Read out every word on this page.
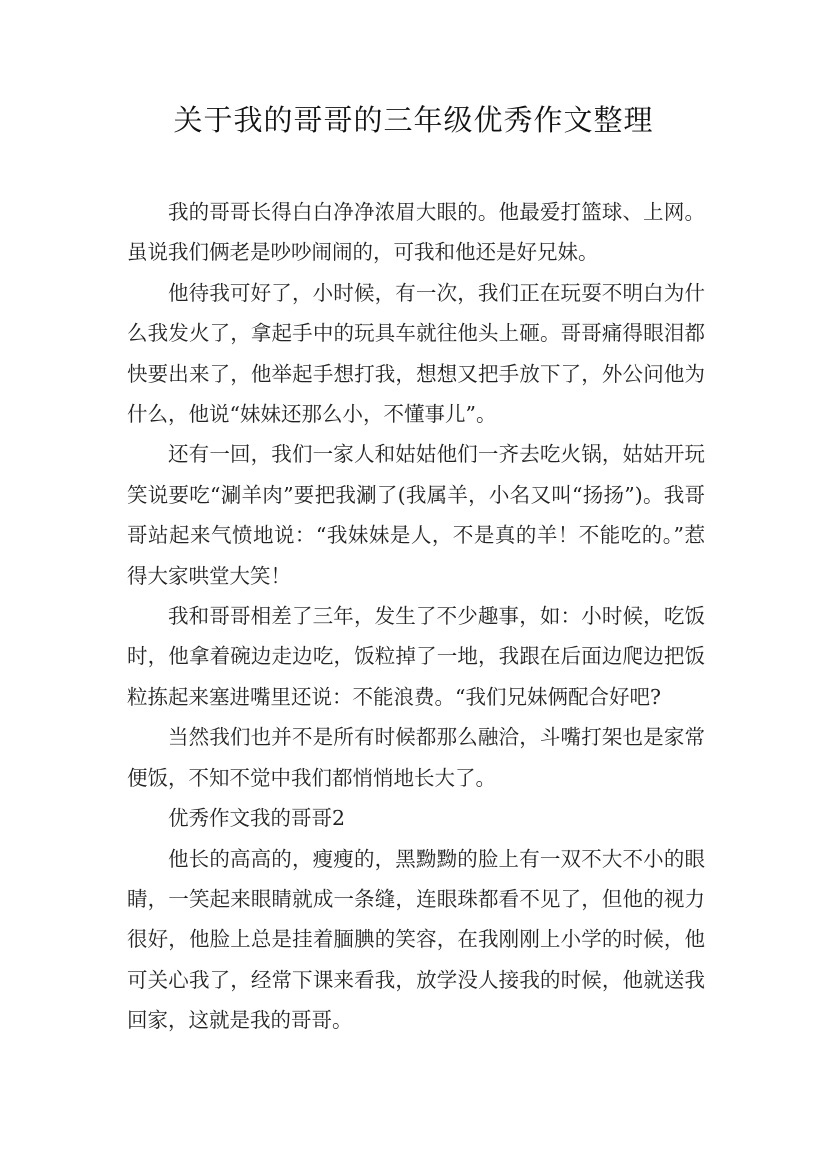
关于我的哥哥的三年级优秀作文整理

我的哥哥长得白白净净浓眉大眼的。他最爱打篮球、上网。虽说我们俩老是吵吵闹闹的，可我和他还是好兄妹。

他待我可好了，小时候，有一次，我们正在玩耍不明白为什么我发火了，拿起手中的玩具车就往他头上砸。哥哥痛得眼泪都快要出来了，他举起手想打我，想想又把手放下了，外公问他为什么，他说“妹妹还那么小，不懂事儿”。

还有一回，我们一家人和姑姑他们一齐去吃火锅，姑姑开玩笑说要吃“涮羊肉”要把我涮了(我属羊，小名又叫“扬扬”)。我哥哥站起来气愤地说：“我妹妹是人，不是真的羊！不能吃的。”惹得大家哄堂大笑！

我和哥哥相差了三年，发生了不少趣事，如：小时候，吃饭时，他拿着碗边走边吃，饭粒掉了一地，我跟在后面边爬边把饭粒拣起来塞进嘴里还说：不能浪费。“我们兄妹俩配合好吧?

当然我们也并不是所有时候都那么融洽，斗嘴打架也是家常便饭，不知不觉中我们都悄悄地长大了。

优秀作文我的哥哥2

他长的高高的，瘦瘦的，黑黝黝的脸上有一双不大不小的眼睛，一笑起来眼睛就成一条缝，连眼珠都看不见了，但他的视力很好，他脸上总是挂着腼腆的笑容，在我刚刚上小学的时候，他可关心我了，经常下课来看我，放学没人接我的时候，他就送我回家，这就是我的哥哥。
